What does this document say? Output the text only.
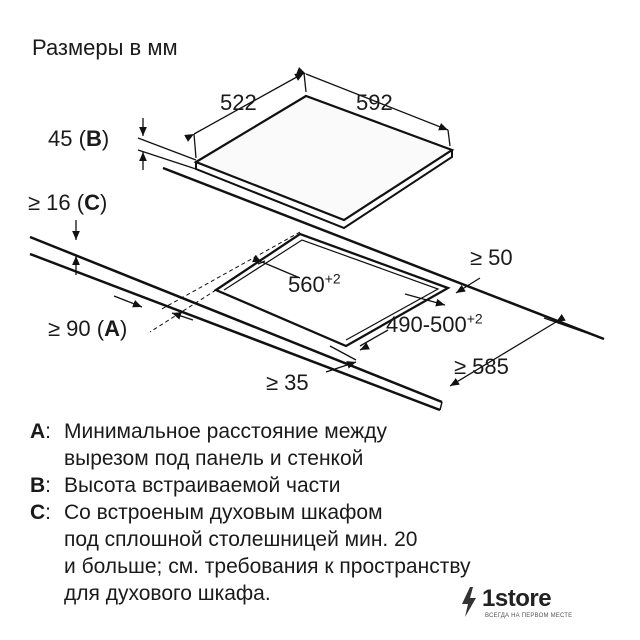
Размеры в мм
522	592
45 (B)
≥ 16 (C)
≥ 50
$560^{+2}$
$490-500^{+2}$
≥ 90 (A)
≥ 585
≥ 35
A: Минимальное расстояние между
вырезом под панель и стенкой
B: Высота встраиваемой части
C: Со встроеным духовым шкафом
под сплошной столешницей мин. 20
и больше; см. требования к пространству
для духового шкафа.	1store
ВСЕГДА НА ПЕРВОМ МЕСТЕ
